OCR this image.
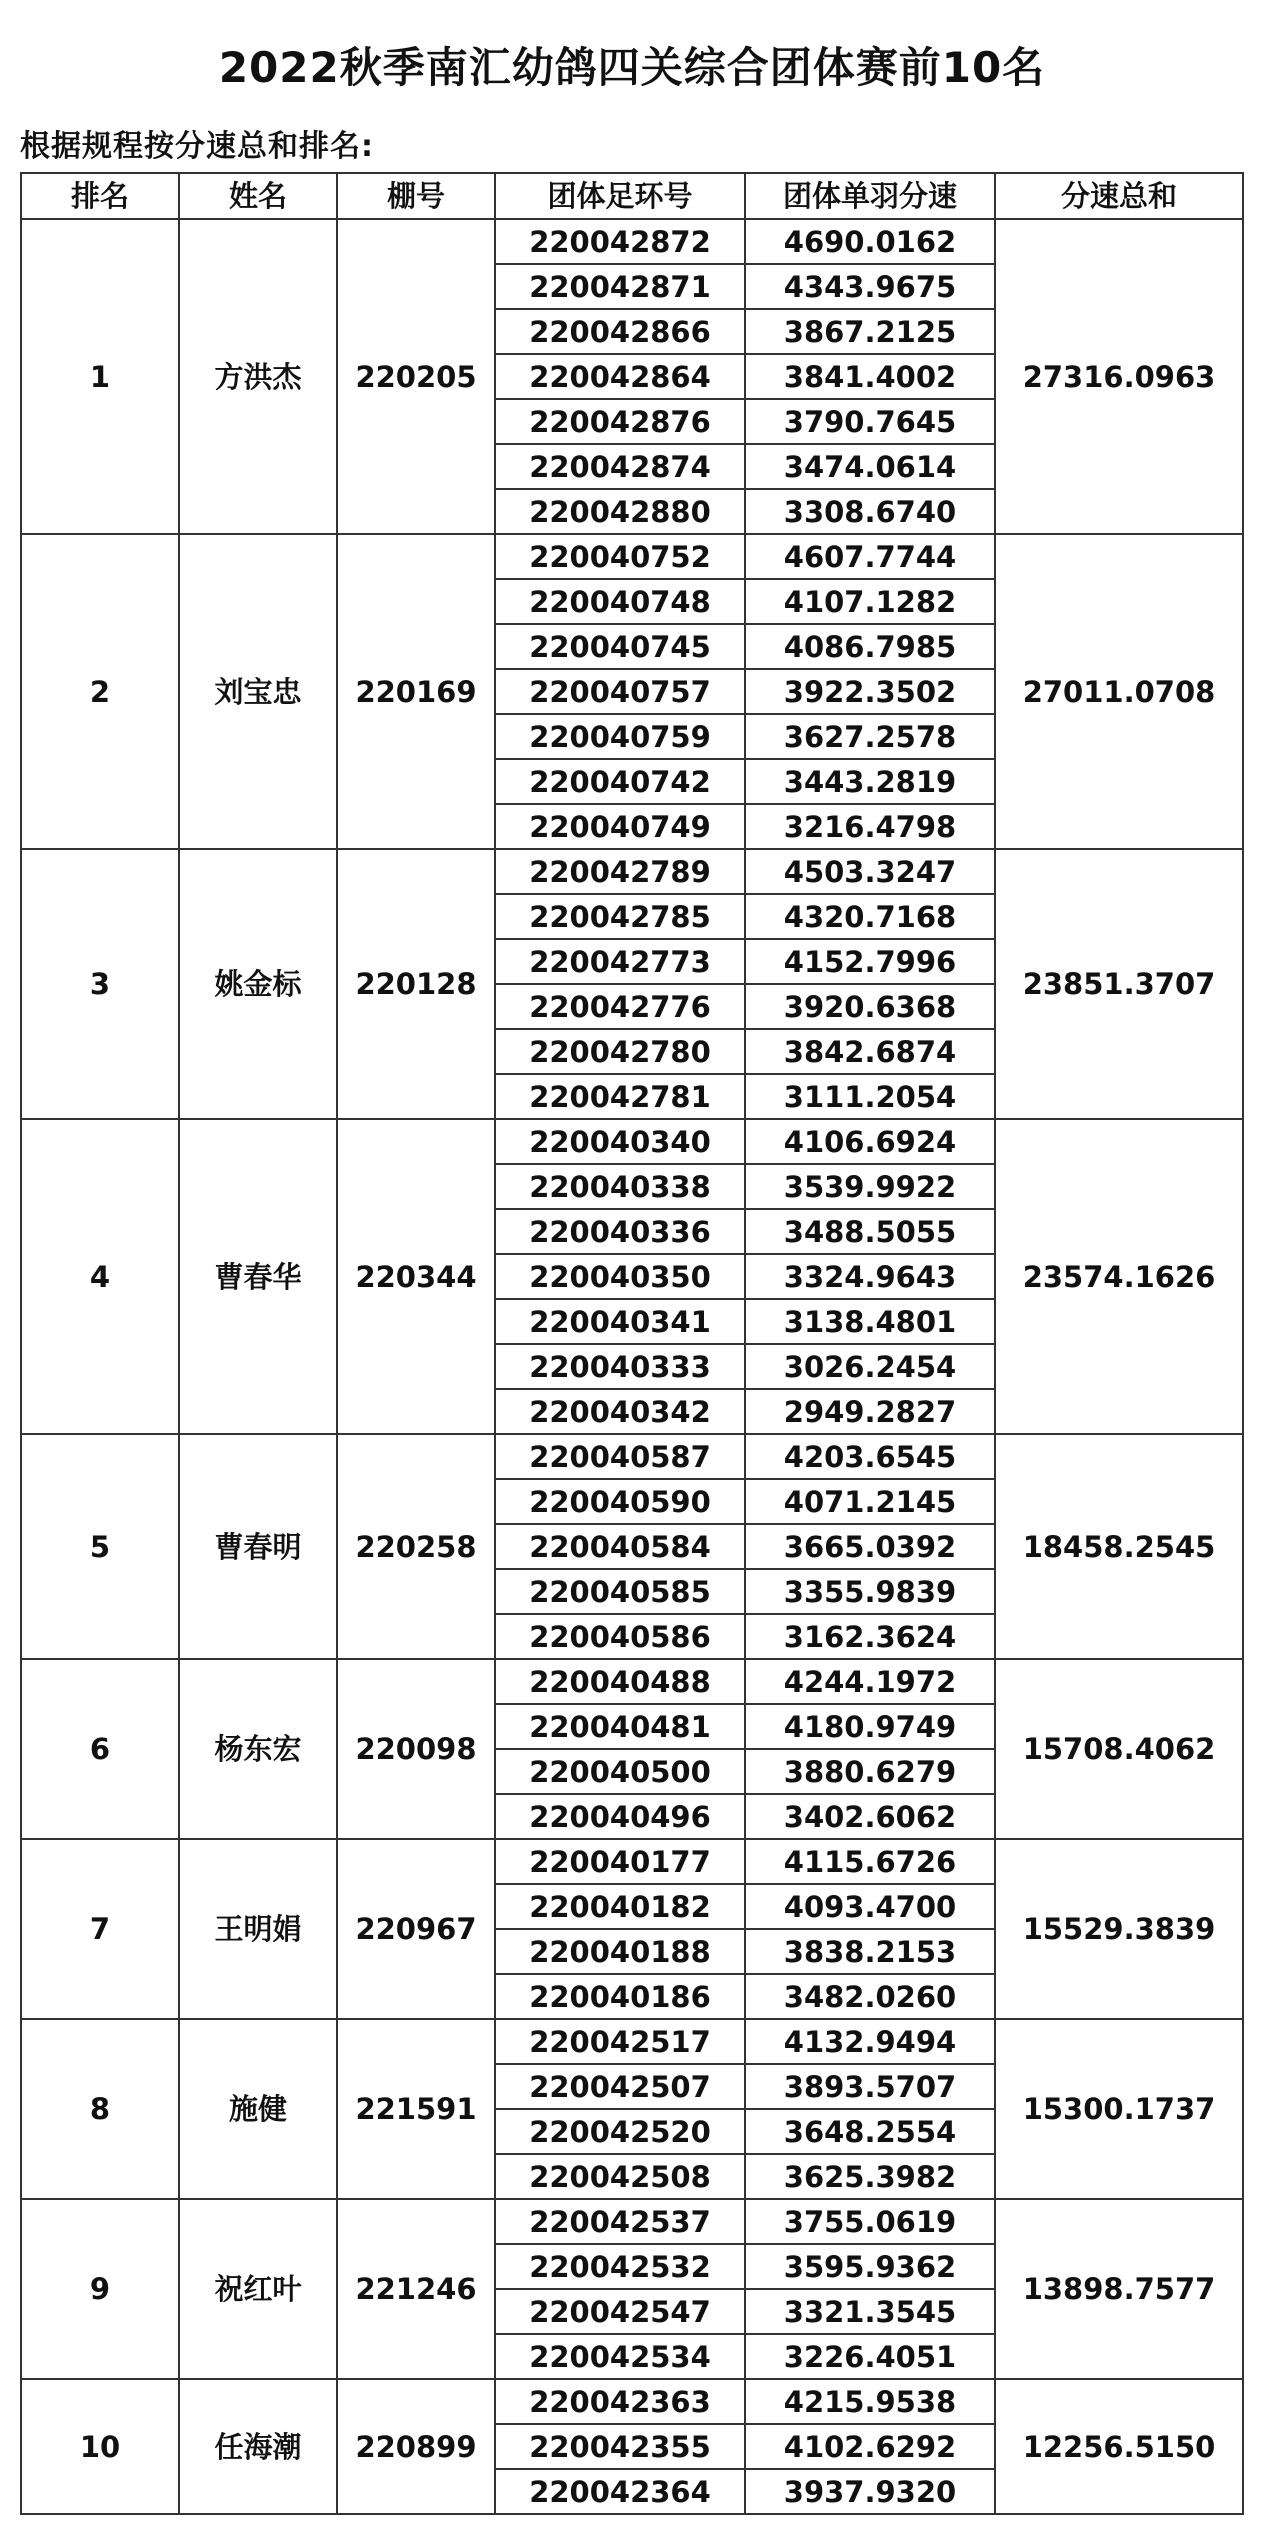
2022秋季南汇幼鸽四关综合团体赛前10名
根据规程按分速总和排名:
排名	姓名	棚号	团体足环号	团体单羽分速	分速总和
1	方洪杰	220205	220042872	4690.0162	27316.0963
			220042871	4343.9675	
			220042866	3867.2125	
			220042864	3841.4002	
			220042876	3790.7645	
			220042874	3474.0614	
			220042880	3308.6740	
2	刘宝忠	220169	220040752	4607.7744	27011.0708
			220040748	4107.1282	
			220040745	4086.7985	
			220040757	3922.3502	
			220040759	3627.2578	
			220040742	3443.2819	
			220040749	3216.4798	
3	姚金标	220128	220042789	4503.3247	23851.3707
			220042785	4320.7168	
			220042773	4152.7996	
			220042776	3920.6368	
			220042780	3842.6874	
			220042781	3111.2054	
4	曹春华	220344	220040340	4106.6924	23574.1626
			220040338	3539.9922	
			220040336	3488.5055	
			220040350	3324.9643	
			220040341	3138.4801	
			220040333	3026.2454	
			220040342	2949.2827	
5	曹春明	220258	220040587	4203.6545	18458.2545
			220040590	4071.2145	
			220040584	3665.0392	
			220040585	3355.9839	
			220040586	3162.3624	
6	杨东宏	220098	220040488	4244.1972	15708.4062
			220040481	4180.9749	
			220040500	3880.6279	
			220040496	3402.6062	
7	王明娟	220967	220040177	4115.6726	15529.3839
			220040182	4093.4700	
			220040188	3838.2153	
			220040186	3482.0260	
8	施健	221591	220042517	4132.9494	15300.1737
			220042507	3893.5707	
			220042520	3648.2554	
			220042508	3625.3982	
9	祝红叶	221246	220042537	3755.0619	13898.7577
			220042532	3595.9362	
			220042547	3321.3545	
			220042534	3226.4051	
10	任海潮	220899	220042363	4215.9538	12256.5150
			220042355	4102.6292	
			220042364	3937.9320	
